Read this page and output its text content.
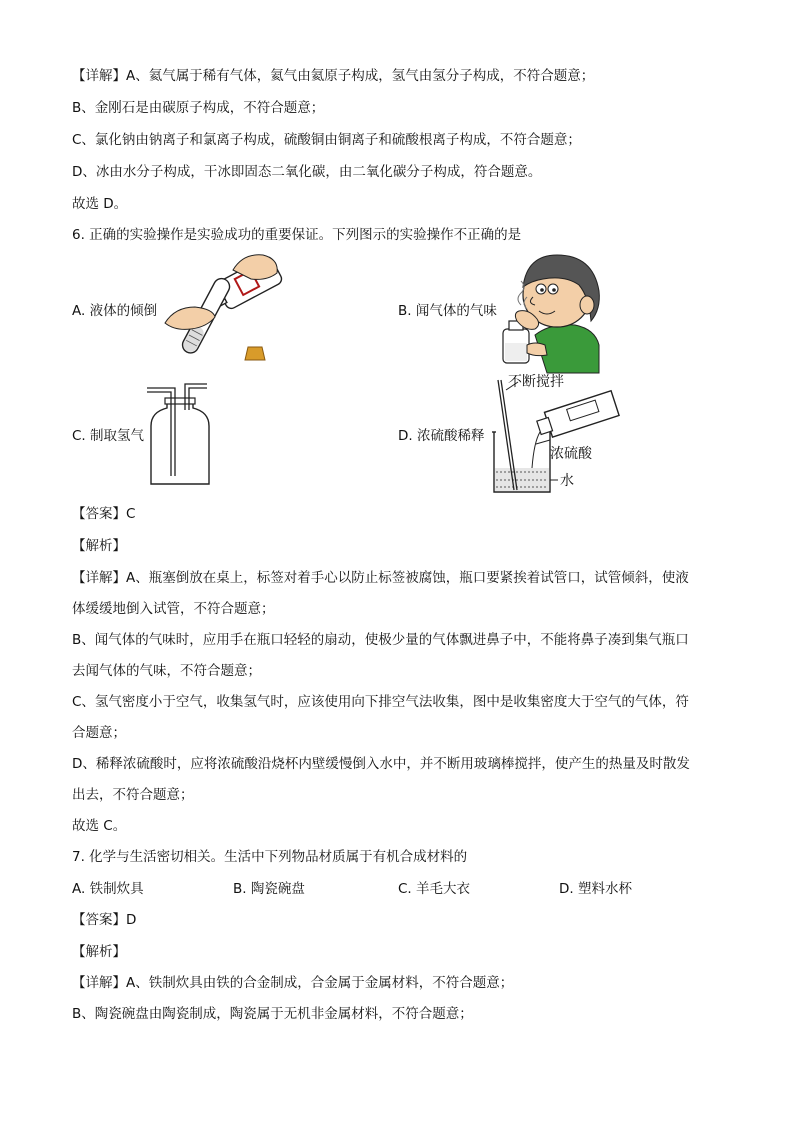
【详解】A、氦气属于稀有气体，氦气由氦原子构成，氢气由氢分子构成，不符合题意；
B、金刚石是由碳原子构成，不符合题意；
C、氯化钠由钠离子和氯离子构成，硫酸铜由铜离子和硫酸根离子构成，不符合题意；
D、冰由水分子构成，干冰即固态二氧化碳，由二氧化碳分子构成，符合题意。
故选 D。
6. 正确的实验操作是实验成功的重要保证。下列图示的实验操作不正确的是
A. 液体的倾倒	B. 闻气体的气味
C. 制取氢气	D. 浓硫酸稀释
不断搅拌
浓硫酸
水
【答案】C
【解析】
【详解】A、瓶塞倒放在桌上，标签对着手心以防止标签被腐蚀，瓶口要紧挨着试管口，试管倾斜，使液
体缓缓地倒入试管，不符合题意；
B、闻气体的气味时，应用手在瓶口轻轻的扇动，使极少量的气体飘进鼻子中，不能将鼻子凑到集气瓶口
去闻气体的气味，不符合题意；
C、氢气密度小于空气，收集氢气时，应该使用向下排空气法收集，图中是收集密度大于空气的气体，符
合题意；
D、稀释浓硫酸时，应将浓硫酸沿烧杯内壁缓慢倒入水中，并不断用玻璃棒搅拌，使产生的热量及时散发
出去，不符合题意；
故选 C。
7. 化学与生活密切相关。生活中下列物品材质属于有机合成材料的
A. 铁制炊具	B. 陶瓷碗盘	C. 羊毛大衣	D. 塑料水杯
【答案】D
【解析】
【详解】A、铁制炊具由铁的合金制成，合金属于金属材料，不符合题意；
B、陶瓷碗盘由陶瓷制成，陶瓷属于无机非金属材料，不符合题意；
